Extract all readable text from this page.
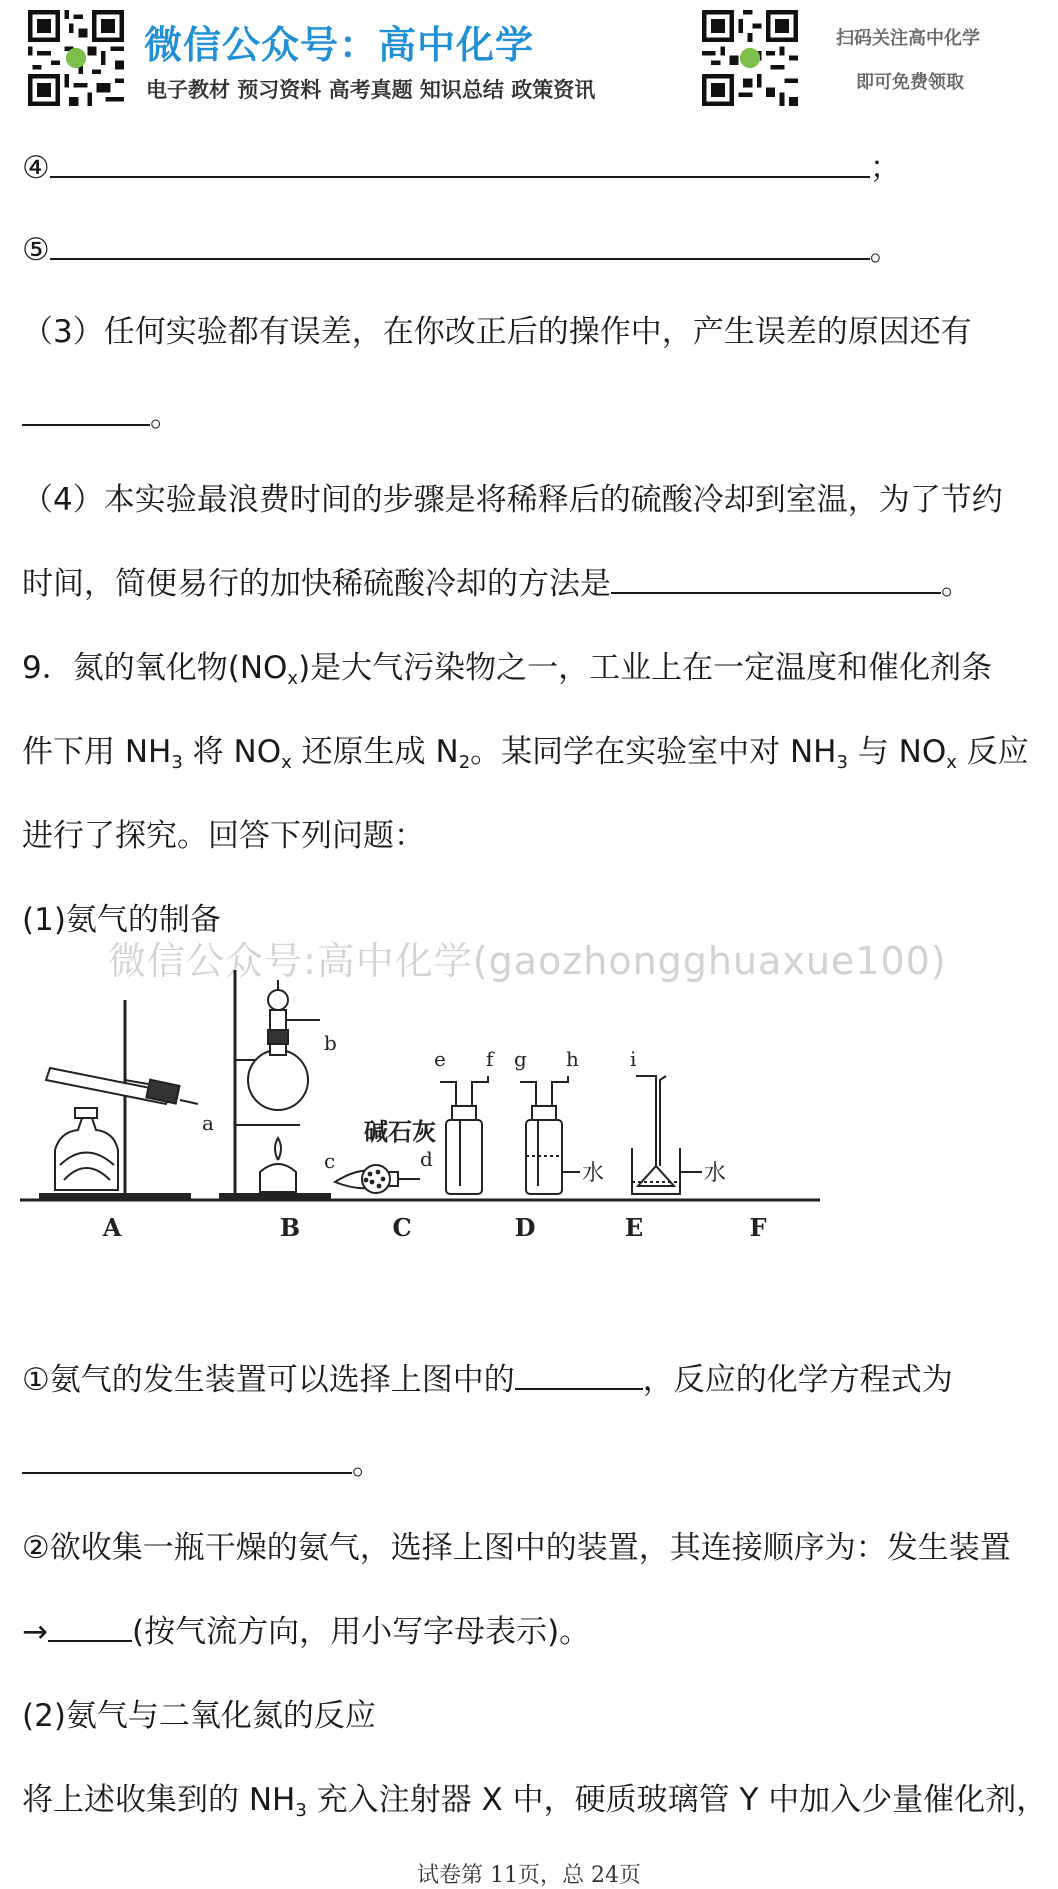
微信公众号：高中化学
电子教材 预习资料 高考真题 知识总结 政策资讯
扫码关注高中化学
即可免费领取
④	；
⑤	。
（3）任何实验都有误差，在你改正后的操作中，产生误差的原因还有
。
（4）本实验最浪费时间的步骤是将稀释后的硫酸冷却到室温，为了节约
时间，简便易行的加快稀硫酸冷却的方法是	。
9．氮的氧化物$(NO_x)$是大气污染物之一，工业上在一定温度和催化剂条
件下用 $NH_3$ 将 $NO_x$ 还原生成 $N_2$。某同学在实验室中对 $NH_3$ 与 $NO_x$ 反应
进行了探究。回答下列问题：
(1)氨气的制备
微信公众号:高中化学(gaozhongghuaxue100)
a
b
c	d
e f g h	i
碱石灰
水	水
A	B	C	D	E	F
①氨气的发生装置可以选择上图中的	，反应的化学方程式为
。
②欲收集一瓶干燥的氨气，选择上图中的装置，其连接顺序为：发生装置
→	(按气流方向，用小写字母表示)。
(2)氨气与二氧化氮的反应
将上述收集到的 $NH_3$ 充入注射器 X 中，硬质玻璃管 Y 中加入少量催化剂，
试卷第 11页，总 24页
